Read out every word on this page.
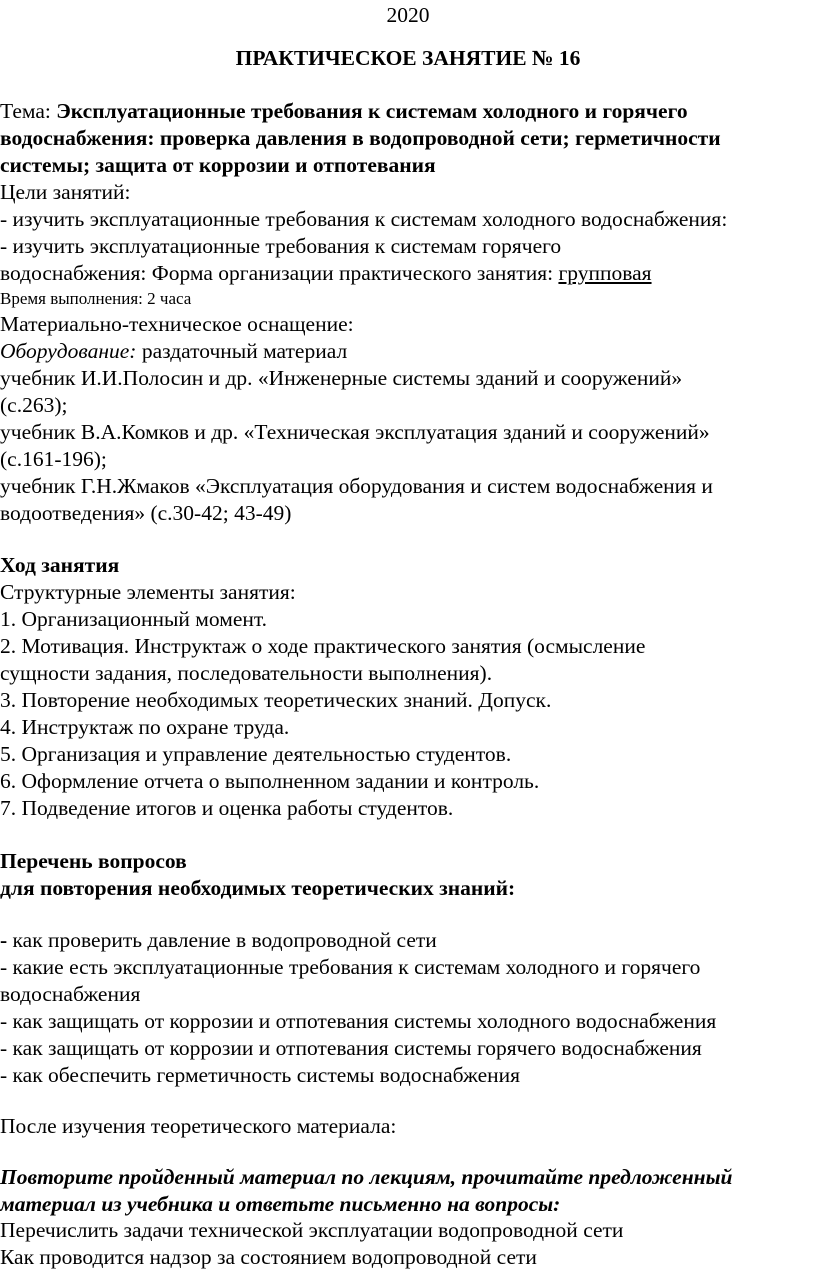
2020
ПРАКТИЧЕСКОЕ ЗАНЯТИЕ № 16
Тема: Эксплуатационные требования к системам холодного и горячего
водоснабжения: проверка давления в водопроводной сети; герметичности
системы; защита от коррозии и отпотевания
Цели занятий:
- изучить эксплуатационные требования к системам холодного водоснабжения:
- изучить эксплуатационные требования к системам горячего
водоснабжения: Форма организации практического занятия: групповая
Время выполнения: 2 часа
Материально-техническое оснащение:
Оборудование: раздаточный материал
учебник И.И.Полосин и др. «Инженерные системы зданий и сооружений»
(с.263);
учебник В.А.Комков и др. «Техническая эксплуатация зданий и сооружений»
(с.161-196);
учебник Г.Н.Жмаков «Эксплуатация оборудования и систем водоснабжения и
водоотведения» (с.30-42; 43-49)
Ход занятия
Структурные элементы занятия:
1. Организационный момент.
2. Мотивация. Инструктаж о ходе практического занятия (осмысление
сущности задания, последовательности выполнения).
3. Повторение необходимых теоретических знаний. Допуск.
4. Инструктаж по охране труда.
5. Организация и управление деятельностью студентов.
6. Оформление отчета о выполненном задании и контроль.
7. Подведение итогов и оценка работы студентов.
Перечень вопросов
для повторения необходимых теоретических знаний:
- как проверить давление в водопроводной сети
- какие есть эксплуатационные требования к системам холодного и горячего
водоснабжения
- как защищать от коррозии и отпотевания системы холодного водоснабжения
- как защищать от коррозии и отпотевания системы горячего водоснабжения
- как обеспечить герметичность системы водоснабжения
После изучения теоретического материала:
Повторите пройденный материал по лекциям, прочитайте предложенный
материал из учебника и ответьте письменно на вопросы:
Перечислить задачи технической эксплуатации водопроводной сети
Как проводится надзор за состоянием водопроводной сети
